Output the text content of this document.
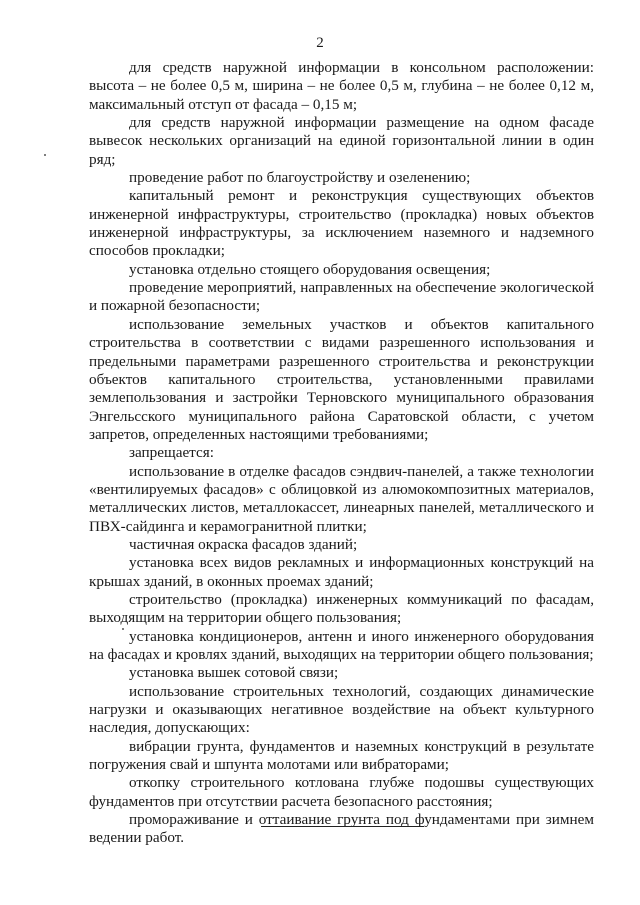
2

для средств наружной информации в консольном расположении: высота – не более 0,5 м, ширина – не более 0,5 м, глубина – не более 0,12 м, максимальный отступ от фасада – 0,15 м;

для средств наружной информации размещение на одном фасаде вывесок нескольких организаций на единой горизонтальной линии в один ряд;

проведение работ по благоустройству и озеленению;

капитальный ремонт и реконструкция существующих объектов инженерной инфраструктуры, строительство (прокладка) новых объектов инженерной инфраструктуры, за исключением наземного и надземного способов прокладки;

установка отдельно стоящего оборудования освещения;

проведение мероприятий, направленных на обеспечение экологической и пожарной безопасности;

использование земельных участков и объектов капитального строительства в соответствии с видами разрешенного использования и предельными параметрами разрешенного строительства и реконструкции объектов капитального строительства, установленными правилами землепользования и застройки Терновского муниципального образования Энгельсского муниципального района Саратовской области, с учетом запретов, определенных настоящими требованиями;

запрещается:

использование в отделке фасадов сэндвич-панелей, а также технологии «вентилируемых фасадов» с облицовкой из алюмокомпозитных материалов, металлических листов, металлокассет, линеарных панелей, металлического и ПВХ-сайдинга и керамогранитной плитки;

частичная окраска фасадов зданий;

установка всех видов рекламных и информационных конструкций на крышах зданий, в оконных проемах зданий;

строительство (прокладка) инженерных коммуникаций по фасадам, выходящим на территории общего пользования;

установка кондиционеров, антенн и иного инженерного оборудования на фасадах и кровлях зданий, выходящих на территории общего пользования;

установка вышек сотовой связи;

использование строительных технологий, создающих динамические нагрузки и оказывающих негативное воздействие на объект культурного наследия, допускающих:

вибрации грунта, фундаментов и наземных конструкций в результате погружения свай и шпунта молотами или вибраторами;

откопку строительного котлована глубже подошвы существующих фундаментов при отсутствии расчета безопасного расстояния;

промораживание и оттаивание грунта под фундаментами при зимнем ведении работ.
